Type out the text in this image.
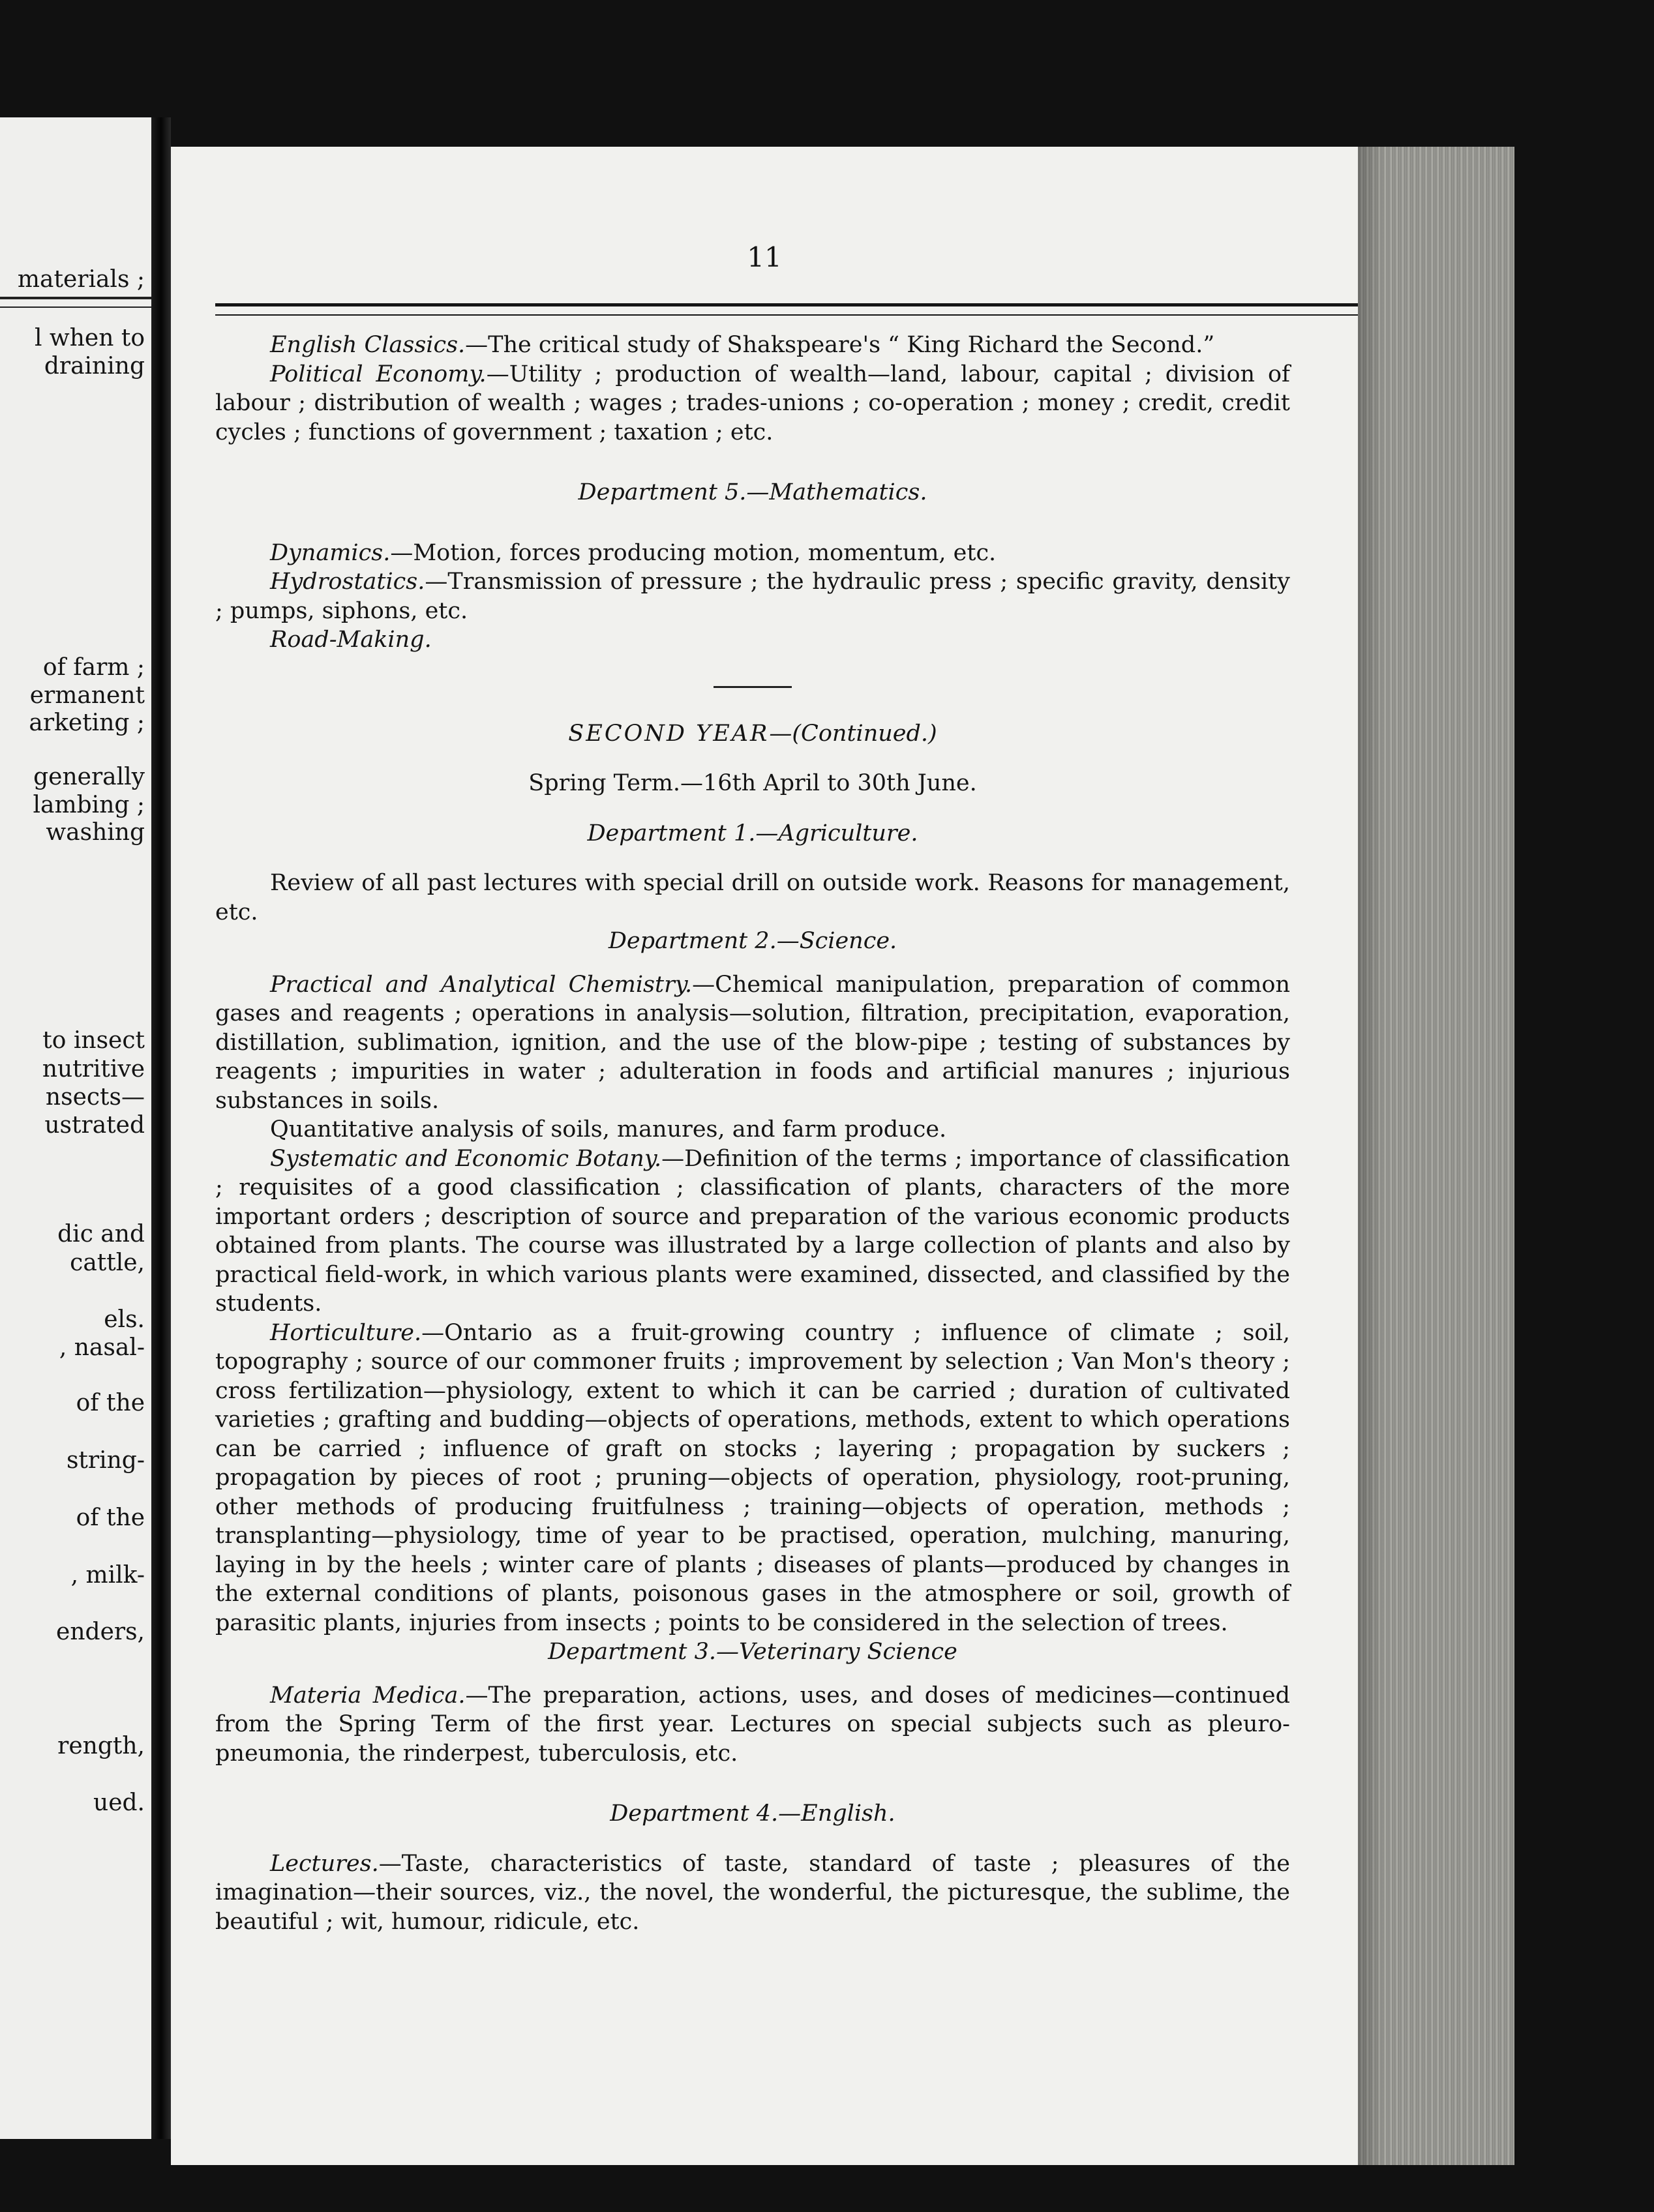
materials ;
l when to
draining
of farm ;
ermanent
arketing ;
generally
lambing ;
washing
to insect
nutritive
nsects—
ustrated
dic and
cattle,
els.
, nasal-
of the
string-
of the
, milk-
enders,
rength,
ued.
11

English Classics.—The critical study of Shakspeare's “ King Richard the Second.”

Political Economy.—Utility ; production of wealth—land, labour, capital ; division of labour ; distribution of wealth ; wages ; trades-unions ; co-operation ; money ; credit, credit cycles ; functions of government ; taxation ; etc.

Department 5.—Mathematics.

Dynamics.—Motion, forces producing motion, momentum, etc.

Hydrostatics.—Transmission of pressure ; the hydraulic press ; specific gravity, density ; pumps, siphons, etc.

Road-Making.

SECOND YEAR—(Continued.)
Spring Term.—16th April to 30th June.
Department 1.—Agriculture.

Review of all past lectures with special drill on outside work. Reasons for management, etc.

Department 2.—Science.

Practical and Analytical Chemistry.—Chemical manipulation, preparation of common gases and reagents ; operations in analysis—solution, filtration, precipitation, evaporation, distillation, sublimation, ignition, and the use of the blow-pipe ; testing of substances by reagents ; impurities in water ; adulteration in foods and artificial manures ; injurious substances in soils.

Quantitative analysis of soils, manures, and farm produce.

Systematic and Economic Botany.—Definition of the terms ; importance of classification ; requisites of a good classification ; classification of plants, characters of the more important orders ; description of source and preparation of the various economic products obtained from plants. The course was illustrated by a large collection of plants and also by practical field-work, in which various plants were examined, dissected, and classified by the students.

Horticulture.—Ontario as a fruit-growing country ; influence of climate ; soil, topography ; source of our commoner fruits ; improvement by selection ; Van Mon's theory ; cross fertilization—physiology, extent to which it can be carried ; duration of cultivated varieties ; grafting and budding—objects of operations, methods, extent to which operations can be carried ; influence of graft on stocks ; layering ; propagation by suckers ; propagation by pieces of root ; pruning—objects of operation, physiology, root-pruning, other methods of producing fruitfulness ; training—objects of operation, methods ; transplanting—physiology, time of year to be practised, operation, mulching, manuring, laying in by the heels ; winter care of plants ; diseases of plants—produced by changes in the external conditions of plants, poisonous gases in the atmosphere or soil, growth of parasitic plants, injuries from insects ; points to be considered in the selection of trees.

Department 3.—Veterinary Science

Materia Medica.—The preparation, actions, uses, and doses of medicines—continued from the Spring Term of the first year. Lectures on special subjects such as pleuro-pneumonia, the rinderpest, tuberculosis, etc.

Department 4.—English.

Lectures.—Taste, characteristics of taste, standard of taste ; pleasures of the imagination—their sources, viz., the novel, the wonderful, the picturesque, the sublime, the beautiful ; wit, humour, ridicule, etc.
